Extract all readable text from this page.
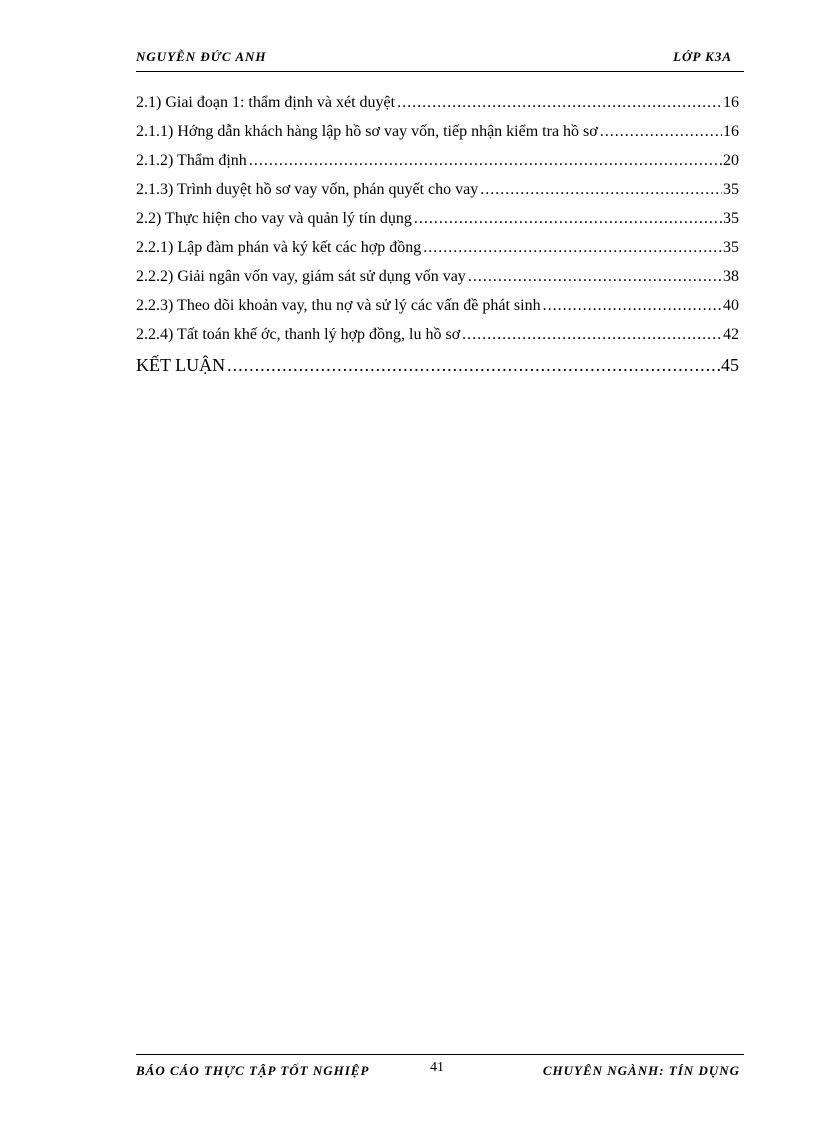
NGUYỄN ĐỨC ANH	LỚP K3A
2.1) Giai đoạn 1: thẩm định và xét duyệt .....	16
2.1.1) Hớng dẫn khách hàng lập hồ sơ vay vốn, tiếp nhận kiểm tra hồ sơ .....	16
2.1.2) Thẩm định .....	20
2.1.3) Trình duyệt hồ sơ vay vốn, phán quyết cho vay .....	35
2.2) Thực hiện cho vay và quản lý tín dụng .....	35
2.2.1) Lập đàm phán và ký kết các hợp đồng .....	35
2.2.2) Giải ngân vốn vay, giám sát sử dụng vốn vay .....	38
2.2.3) Theo dõi khoản vay, thu nợ và sử lý các vấn đề phát sinh .....	40
2.2.4) Tất toán khế ớc, thanh lý hợp đồng, lu hồ sơ .....	42
KẾT LUẬN .....	45
BÁO CÁO THỰC TẬP TỐT NGHIỆP	41	CHUYÊN NGÀNH: TÍN DỤNG
